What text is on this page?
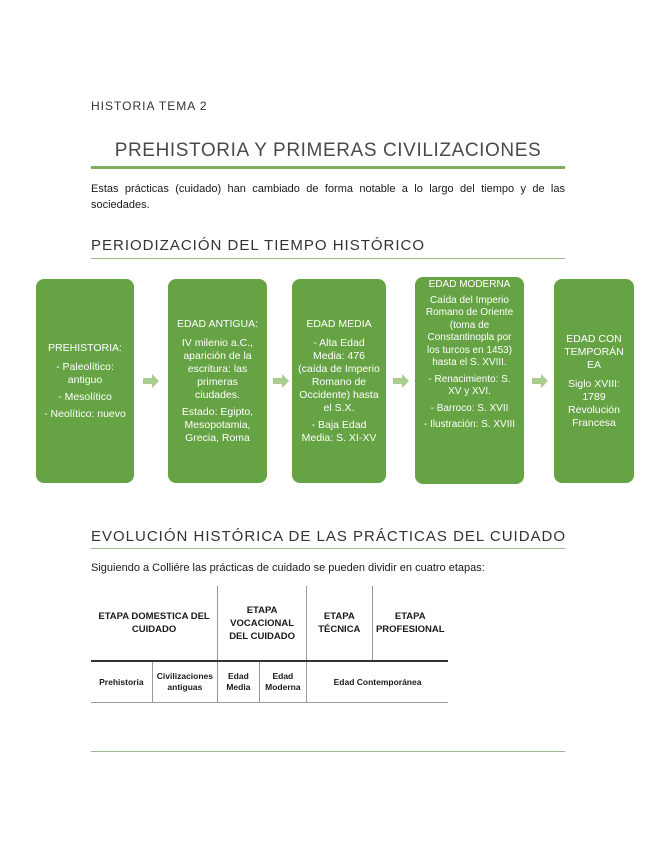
HISTORIA TEMA 2
PREHISTORIA Y PRIMERAS CIVILIZACIONES
Estas prácticas (cuidado) han cambiado de forma notable a lo largo del tiempo y de las sociedades.
PERIODIZACIÓN DEL TIEMPO HISTÓRICO
PREHISTORIA:
- Paleolítico: antiguo
- Mesolítico
- Neolítico: nuevo
EDAD ANTIGUA:
IV milenio a.C., aparición de la escritura: las primeras ciudades.
Estado: Egipto, Mesopotamia, Grecia, Roma
EDAD MEDIA
- Alta Edad Media: 476 (caída de Imperio Romano de Occidente) hasta el S.X.
- Baja Edad Media: S. XI-XV
EDAD MODERNA
Caída del Imperio Romano de Oriente (toma de Constantinopla por los turcos en 1453) hasta el S. XVIII.
- Renacimiento: S. XV y XVI.
- Barroco: S. XVII
- Ilustración: S. XVIII
EDAD CONTEMPORÁNEA
Siglo XVIII: 1789 Revolución Francesa
EVOLUCIÓN HISTÓRICA DE LAS PRÁCTICAS DEL CUIDADO
Siguiendo a Colliére las prácticas de cuidado se pueden dividir en cuatro etapas:
ETAPA DOMESTICA DEL CUIDADO		ETAPA VOCACIONAL DEL CUIDADO		ETAPA TÉCNICA	ETAPA PROFESIONAL
Prehistoria	Civilizaciones antiguas	Edad Media	Edad Moderna	Edad Contemporánea	
